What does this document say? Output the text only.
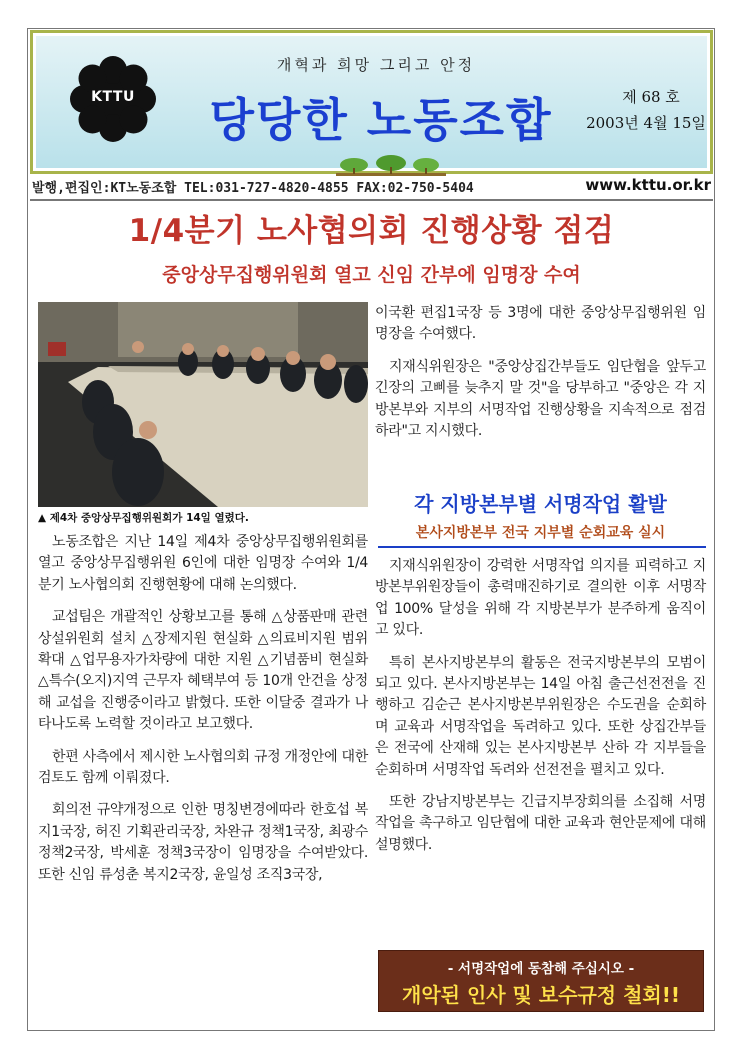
KTTU
개혁과 희망 그리고 안정
당당한 노동조합	제 68 호
2003년 4월 15일
발행,편집인:KT노동조합 TEL:031-727-4820-4855 FAX:02-750-5404	www.kttu.or.kr
1/4분기 노사협의회 진행상황 점검
중앙상무집행위원회 열고 신임 간부에 임명장 수여
▲ 제4차 중앙상무집행위원회가 14일 열렸다.

노동조합은 지난 14일 제4차 중앙상무집행위원회를 열고 중앙상무집행위원 6인에 대한 임명장 수여와 1/4분기 노사협의회 진행현황에 대해 논의했다.

교섭팀은 개괄적인 상황보고를 통해 △상품판매 관련 상설위원회 설치 △장제지원 현실화 △의료비지원 범위 확대 △업무용자가차량에 대한 지원 △기념품비 현실화 △특수(오지)지역 근무자 혜택부여 등 10개 안건을 상정해 교섭을 진행중이라고 밝혔다. 또한 이달중 결과가 나타나도록 노력할 것이라고 보고했다.

한편 사측에서 제시한 노사협의회 규정 개정안에 대한 검토도 함께 이뤄졌다.

회의전 규약개정으로 인한 명칭변경에따라 한호섭 복지1국장, 허진 기획관리국장, 차완규 정책1국장, 최광수 정책2국장, 박세훈 정책3국장이 임명장을 수여받았다. 또한 신임 류성춘 복지2국장, 윤일성 조직3국장,

이국환 편집1국장 등 3명에 대한 중앙상무집행위원 임명장을 수여했다.

지재식위원장은 "중앙상집간부들도 임단협을 앞두고 긴장의 고삐를 늦추지 말 것"을 당부하고 "중앙은 각 지방본부와 지부의 서명작업 진행상황을 지속적으로 점검하라"고 지시했다.

각 지방본부별 서명작업 활발
본사지방본부 전국 지부별 순회교육 실시

지재식위원장이 강력한 서명작업 의지를 피력하고 지방본부위원장들이 총력매진하기로 결의한 이후 서명작업 100% 달성을 위해 각 지방본부가 분주하게 움직이고 있다.

특히 본사지방본부의 활동은 전국지방본부의 모범이 되고 있다. 본사지방본부는 14일 아침 출근선전전을 진행하고 김순근 본사지방본부위원장은 수도권을 순회하며 교육과 서명작업을 독려하고 있다. 또한 상집간부들은 전국에 산재해 있는 본사지방본부 산하 각 지부들을 순회하며 서명작업 독려와 선전전을 펼치고 있다.

또한 강남지방본부는 긴급지부장회의를 소집해 서명작업을 촉구하고 임단협에 대한 교육과 현안문제에 대해 설명했다.

- 서명작업에 동참해 주십시오 -
개악된 인사 및 보수규정 철회!!
